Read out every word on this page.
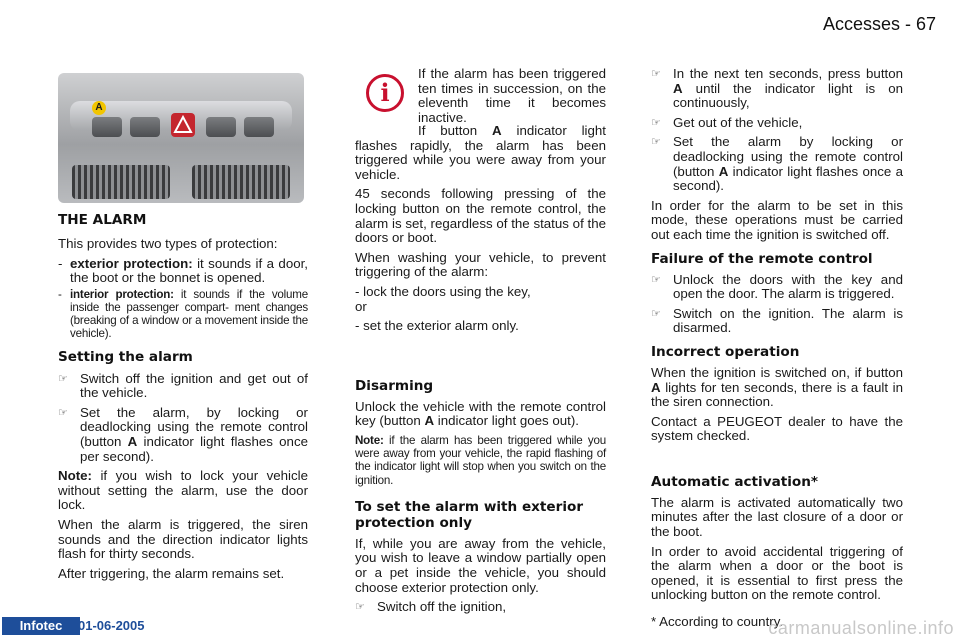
Accesses - 67
A
THE ALARM

This provides two types of protection:

- exterior protection: it sounds if a door, the boot or the bonnet is opened.
- interior protection: it sounds if the volume inside the passenger compart- ment changes (breaking of a window or a movement inside the vehicle).
Setting the alarm
☞ Switch off the ignition and get out of the vehicle.
☞ Set the alarm, by locking or deadlocking using the remote control (button A indicator light flashes once per second).

Note: if you wish to lock your vehicle without setting the alarm, use the door lock.

When the alarm is triggered, the siren sounds and the direction indicator lights flash for thirty seconds.

After triggering, the alarm remains set.

i
If the alarm has been triggered ten times in succession, on the eleventh time it becomes inactive.

If button A indicator light flashes rapidly, the alarm has been triggered while you were away from your vehicle.

45 seconds following pressing of the locking button on the remote control, the alarm is set, regardless of the status of the doors or boot.

When washing your vehicle, to prevent triggering of the alarm:

- lock the doors using the key,

or

- set the exterior alarm only.

Disarming

Unlock the vehicle with the remote control key (button A indicator light goes out).

Note: if the alarm has been triggered while you were away from your vehicle, the rapid flashing of the indicator light will stop when you switch on the ignition.

To set the alarm with exterior protection only

If, while you are away from the vehicle, you wish to leave a window partially open or a pet inside the vehicle, you should choose exterior protection only.

☞ Switch off the ignition,
☞ In the next ten seconds, press button A until the indicator light is on continuously,
☞ Get out of the vehicle,
☞ Set the alarm by locking or deadlocking using the remote control (button A indicator light flashes once a second).

In order for the alarm to be set in this mode, these operations must be carried out each time the ignition is switched off.

Failure of the remote control
☞ Unlock the doors with the key and open the door. The alarm is triggered.
☞ Switch on the ignition. The alarm is disarmed.
Incorrect operation

When the ignition is switched on, if button A lights for ten seconds, there is a fault in the siren connection.

Contact a PEUGEOT dealer to have the system checked.

Automatic activation*

The alarm is activated automatically two minutes after the last closure of a door or the boot.

In order to avoid accidental triggering of the alarm when a door or the boot is opened, it is essential to first press the unlocking button on the remote control.

* According to country.

Infotec	01-06-2005	carmanualsonline.info
